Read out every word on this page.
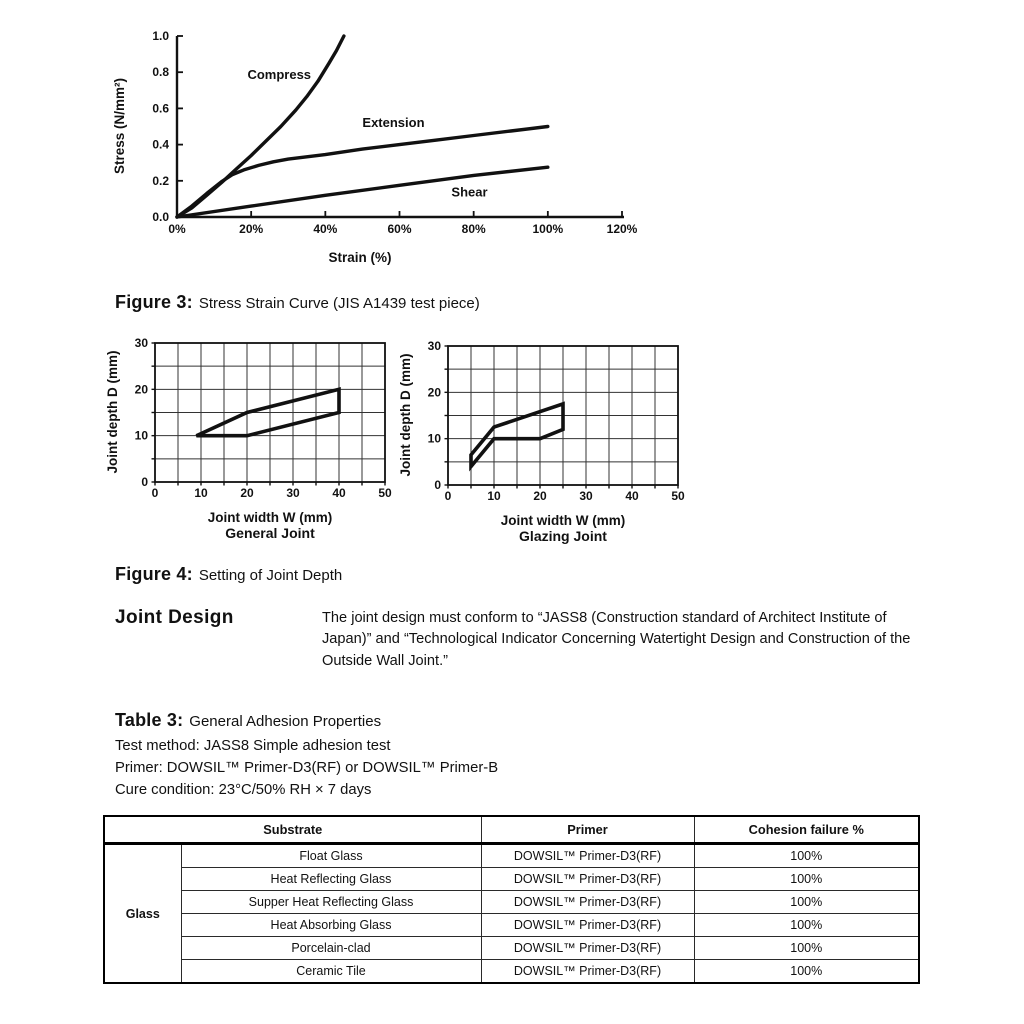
0%	20%	40%	60%	80%	100%	120%
0.0
0.2
0.4
0.6
0.8
1.0
Compress
Extension
Shear
Strain (%)
Stress (N/mm²)
Figure 3: Stress Strain Curve (JIS A1439 test piece)
0	10	20	30	40	50
0
10
20
30
Joint width W (mm)
General Joint
Joint depth D (mm)
0	10	20	30	40	50
0
10
20
30
Joint width W (mm)
Glazing Joint
Joint depth D (mm)
Figure 4: Setting of Joint Depth
Joint Design	The joint design must conform to “JASS8 (Construction standard of Architect Institute of
Japan)” and “Technological Indicator Concerning Watertight Design and Construction of the
Outside Wall Joint.”
Table 3: General Adhesion Properties
Test method: JASS8 Simple adhesion test
Primer: DOWSIL™ Primer-D3(RF) or DOWSIL™ Primer-B
Cure condition: 23°C/50% RH × 7 days
Substrate		Primer	Cohesion failure %
Glass	Float Glass	DOWSIL™ Primer-D3(RF)	100%
	Heat Reflecting Glass	DOWSIL™ Primer-D3(RF)	100%
	Supper Heat Reflecting Glass	DOWSIL™ Primer-D3(RF)	100%
	Heat Absorbing Glass	DOWSIL™ Primer-D3(RF)	100%
	Porcelain-clad	DOWSIL™ Primer-D3(RF)	100%
	Ceramic Tile	DOWSIL™ Primer-D3(RF)	100%
